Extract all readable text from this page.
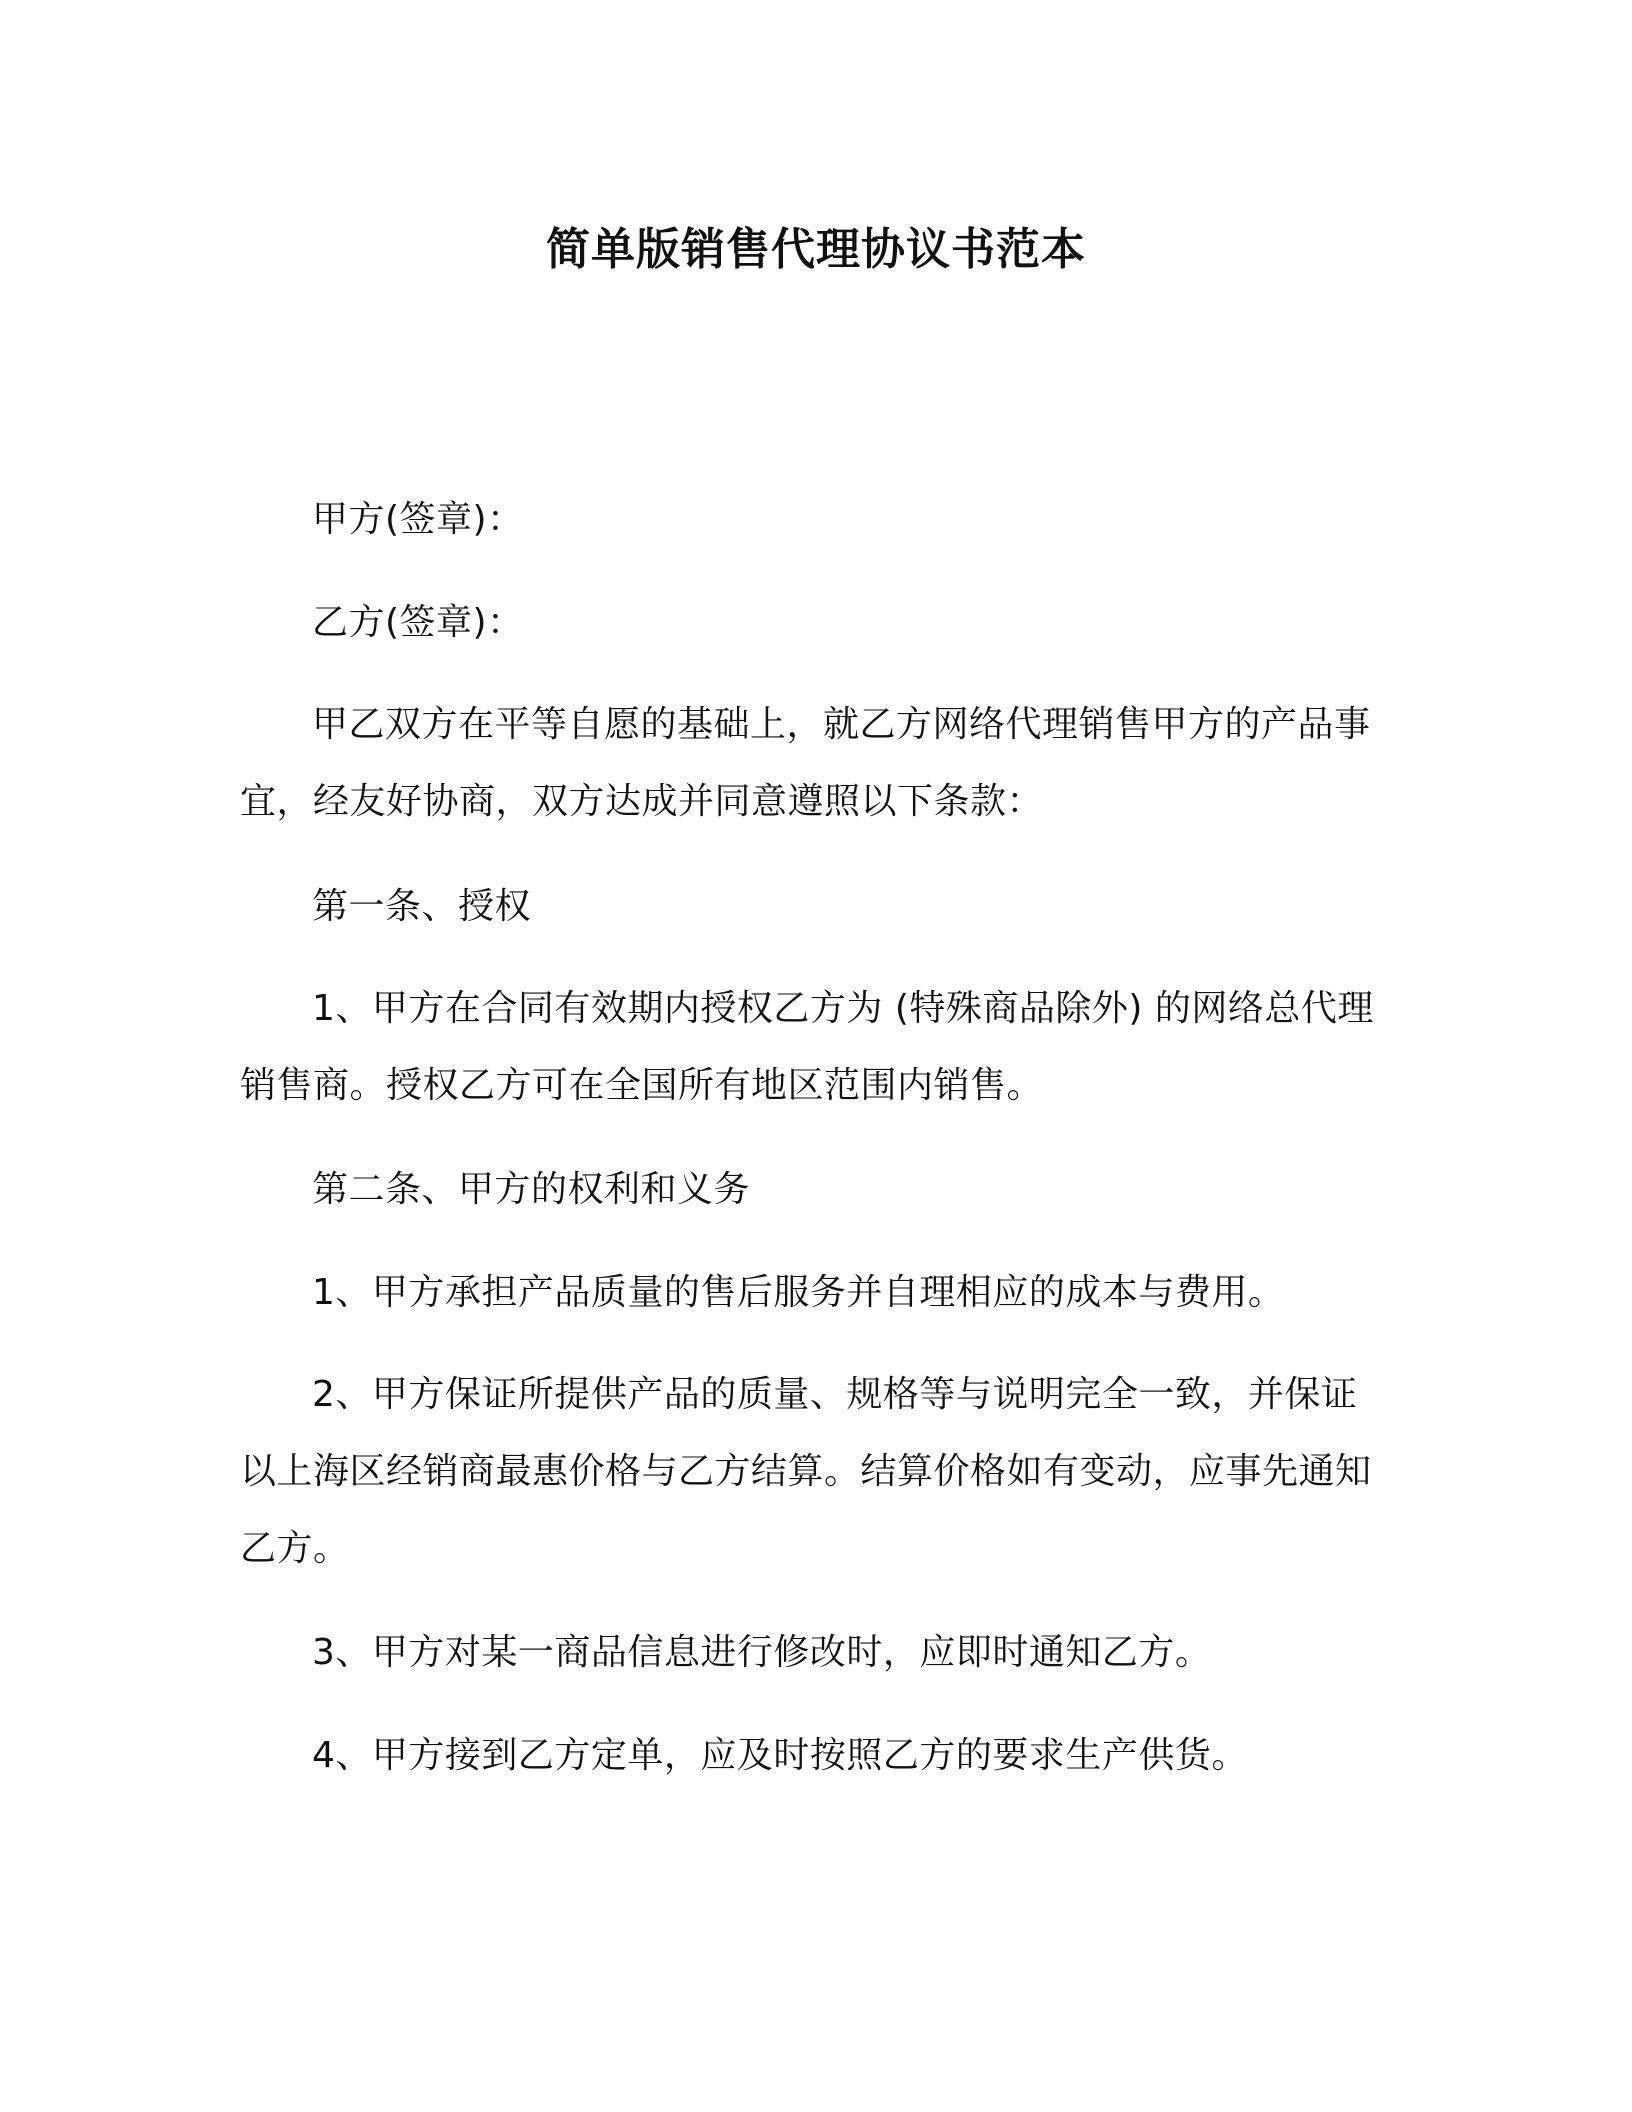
简单版销售代理协议书范本
甲方(签章)：
乙方(签章)：

甲乙双方在平等自愿的基础上，就乙方网络代理销售甲方的产品事宜，经友好协商，双方达成并同意遵照以下条款：

第一条、授权

1、甲方在合同有效期内授权乙方为 (特殊商品除外) 的网络总代理销售商。授权乙方可在全国所有地区范围内销售。

第二条、甲方的权利和义务
1、甲方承担产品质量的售后服务并自理相应的成本与费用。

2、甲方保证所提供产品的质量、规格等与说明完全一致，并保证以上海区经销商最惠价格与乙方结算。结算价格如有变动，应事先通知乙方。

3、甲方对某一商品信息进行修改时，应即时通知乙方。
4、甲方接到乙方定单，应及时按照乙方的要求生产供货。
